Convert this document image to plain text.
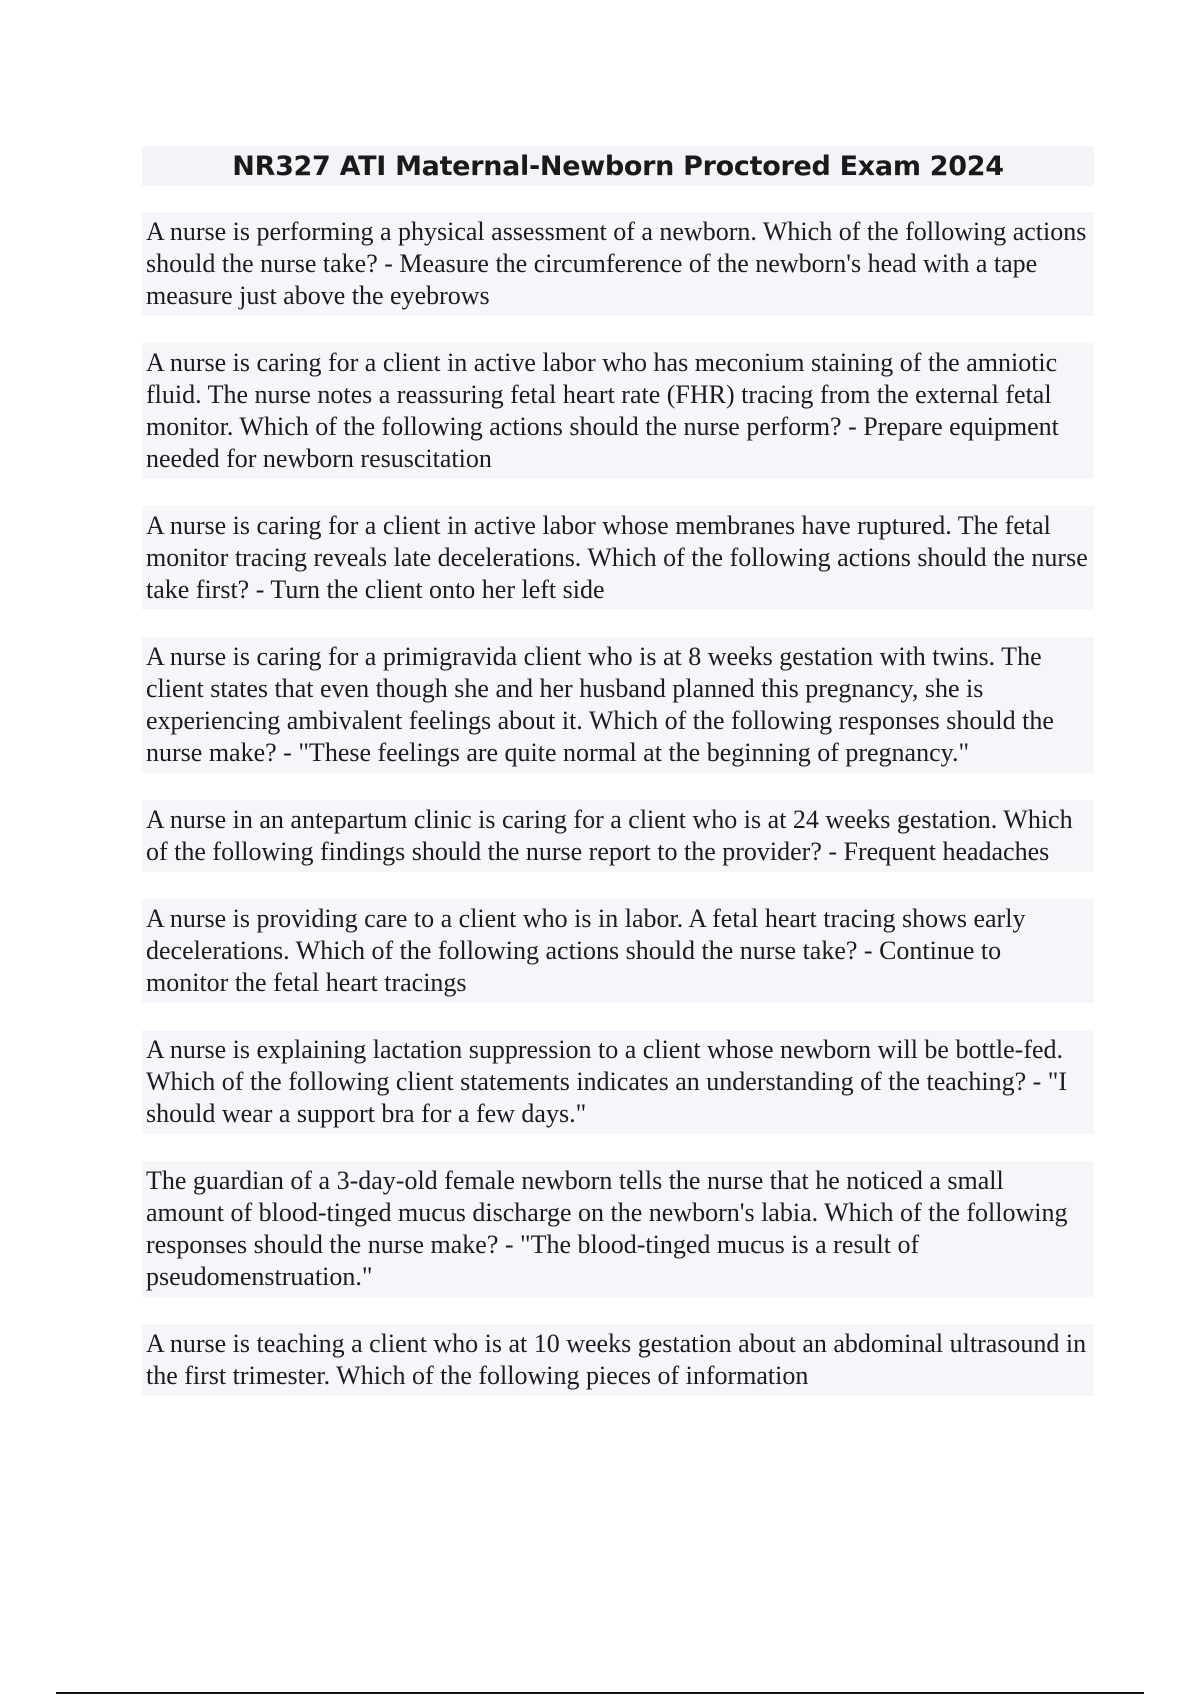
NR327 ATI Maternal-Newborn Proctored Exam 2024
A nurse is performing a physical assessment of a newborn. Which of the following actions should the nurse take? - Measure the circumference of the newborn's head with a tape measure just above the eyebrows
A nurse is caring for a client in active labor who has meconium staining of the amniotic fluid. The nurse notes a reassuring fetal heart rate (FHR) tracing from the external fetal monitor. Which of the following actions should the nurse perform? - Prepare equipment needed for newborn resuscitation
A nurse is caring for a client in active labor whose membranes have ruptured. The fetal monitor tracing reveals late decelerations. Which of the following actions should the nurse take first? - Turn the client onto her left side
A nurse is caring for a primigravida client who is at 8 weeks gestation with twins. The client states that even though she and her husband planned this pregnancy, she is experiencing ambivalent feelings about it. Which of the following responses should the nurse make? - "These feelings are quite normal at the beginning of pregnancy."
A nurse in an antepartum clinic is caring for a client who is at 24 weeks gestation. Which of the following findings should the nurse report to the provider? - Frequent headaches
A nurse is providing care to a client who is in labor. A fetal heart tracing shows early decelerations. Which of the following actions should the nurse take? - Continue to monitor the fetal heart tracings
A nurse is explaining lactation suppression to a client whose newborn will be bottle-fed. Which of the following client statements indicates an understanding of the teaching? - "I should wear a support bra for a few days."
The guardian of a 3-day-old female newborn tells the nurse that he noticed a small amount of blood-tinged mucus discharge on the newborn's labia. Which of the following responses should the nurse make? - "The blood-tinged mucus is a result of pseudomenstruation."
A nurse is teaching a client who is at 10 weeks gestation about an abdominal ultrasound in the first trimester. Which of the following pieces of information
